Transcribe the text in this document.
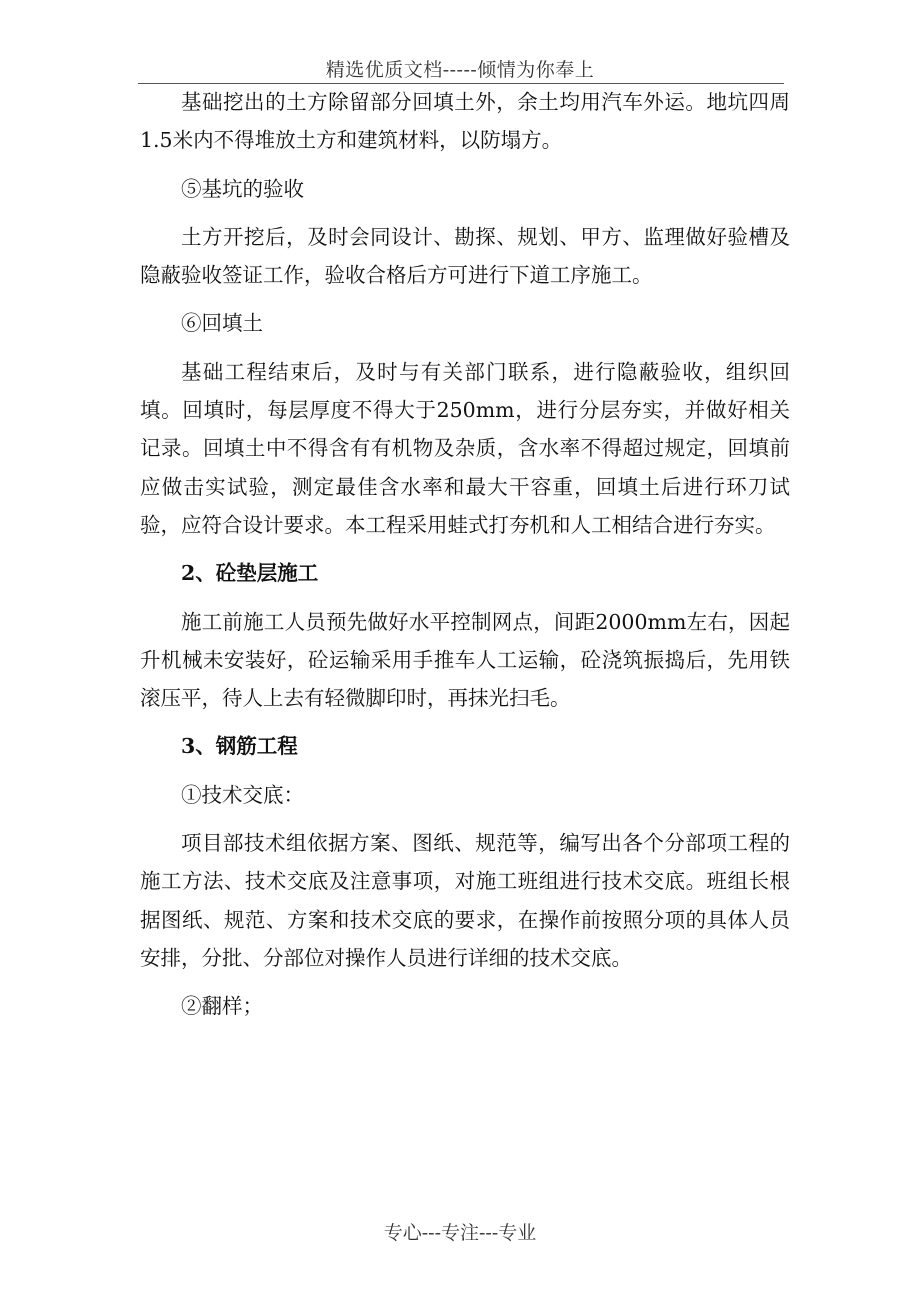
精选优质文档-----倾情为你奉上

基础挖出的土方除留部分回填土外，余土均用汽车外运。地坑四周1.5米内不得堆放土方和建筑材料，以防塌方。

⑤基坑的验收

土方开挖后，及时会同设计、勘探、规划、甲方、监理做好验槽及隐蔽验收签证工作，验收合格后方可进行下道工序施工。

⑥回填土

基础工程结束后，及时与有关部门联系，进行隐蔽验收，组织回填。回填时，每层厚度不得大于250mm，进行分层夯实，并做好相关记录。回填土中不得含有有机物及杂质，含水率不得超过规定，回填前应做击实试验，测定最佳含水率和最大干容重，回填土后进行环刀试验，应符合设计要求。本工程采用蛙式打夯机和人工相结合进行夯实。

2、砼垫层施工

施工前施工人员预先做好水平控制网点，间距2000mm左右，因起升机械未安装好，砼运输采用手推车人工运输，砼浇筑振捣后，先用铁滚压平，待人上去有轻微脚印时，再抹光扫毛。

3、钢筋工程

①技术交底：

项目部技术组依据方案、图纸、规范等，编写出各个分部项工程的施工方法、技术交底及注意事项，对施工班组进行技术交底。班组长根据图纸、规范、方案和技术交底的要求，在操作前按照分项的具体人员安排，分批、分部位对操作人员进行详细的技术交底。

②翻样；

专心---专注---专业
